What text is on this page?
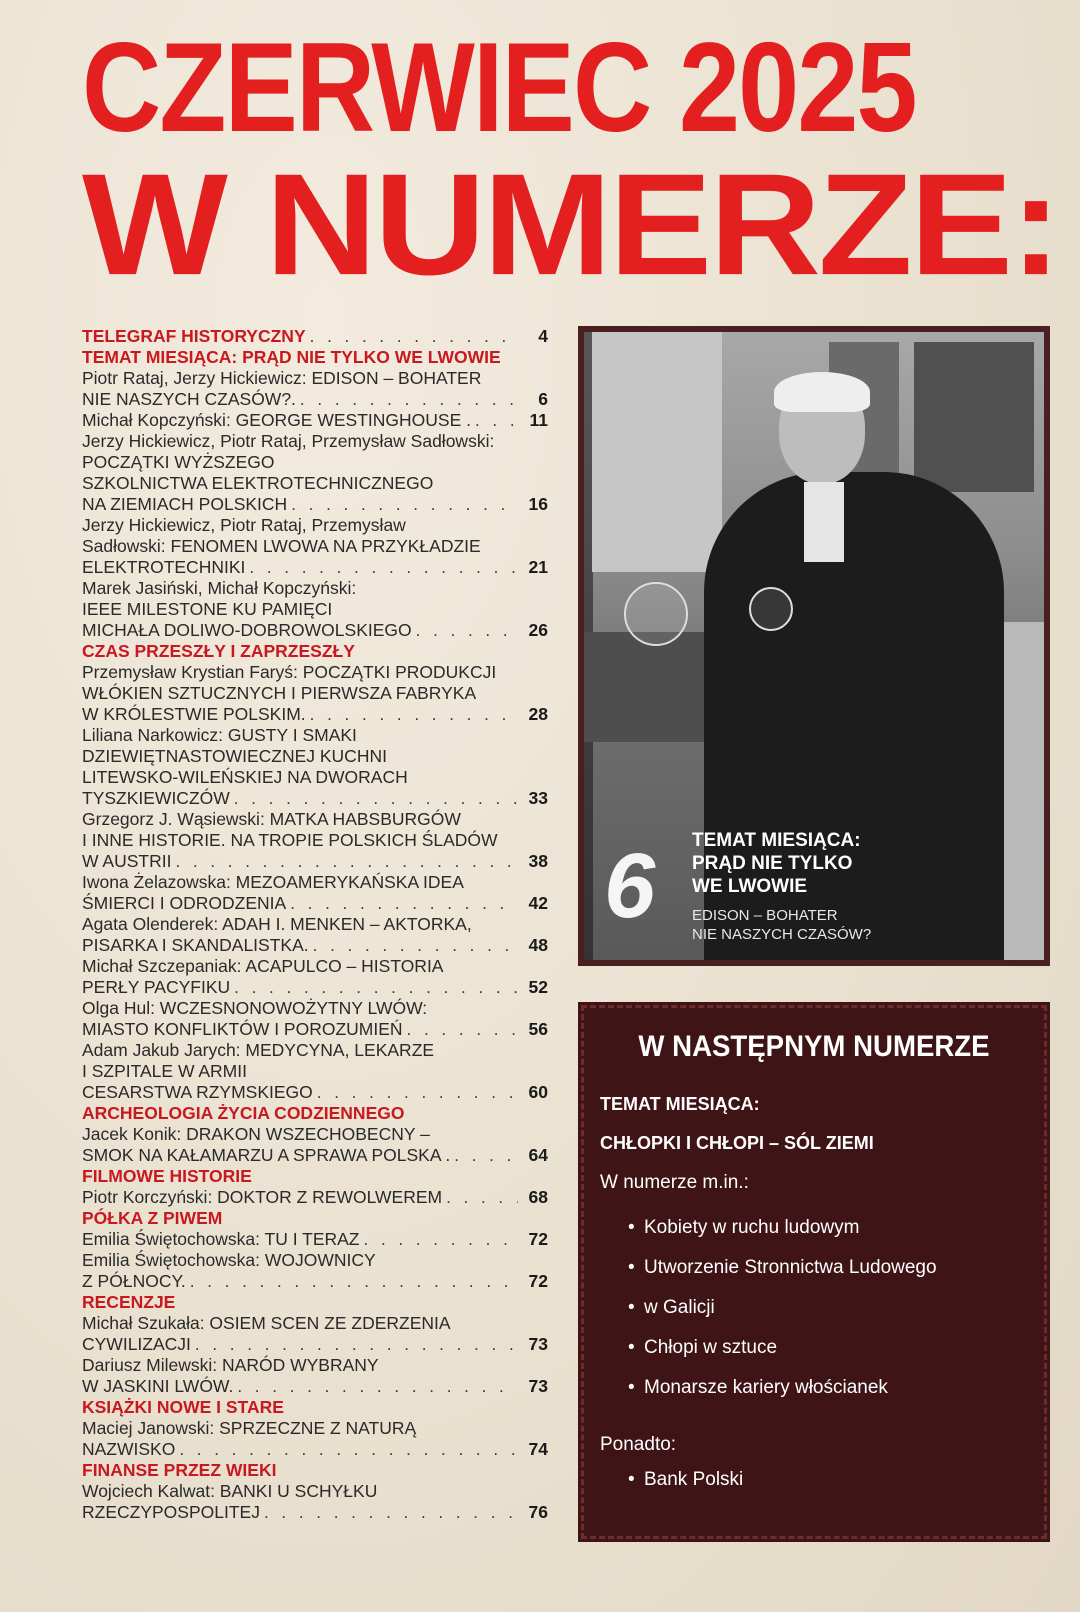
CZERWIEC 2025
W NUMERZE:
TELEGRAF HISTORYCZNY . . .	4
TEMAT MIESIĄCA: PRĄD NIE TYLKO WE LWOWIE
Piotr Rataj, Jerzy Hickiewicz: EDISON – BOHATER
NIE NASZYCH CZASÓW?. . . .	6
Michał Kopczyński: GEORGE WESTINGHOUSE . . . .	11
Jerzy Hickiewicz, Piotr Rataj, Przemysław Sadłowski:
POCZĄTKI WYŻSZEGO
SZKOLNICTWA ELEKTROTECHNICZNEGO
NA ZIEMIACH POLSKICH . . .	16
Jerzy Hickiewicz, Piotr Rataj, Przemysław
Sadłowski: FENOMEN LWOWA NA PRZYKŁADZIE
ELEKTROTECHNIKI . . .	21
Marek Jasiński, Michał Kopczyński:
IEEE MILESTONE KU PAMIĘCI
MICHAŁA DOLIWO-DOBROWOLSKIEGO . . .	26
CZAS PRZESZŁY I ZAPRZESZŁY
Przemysław Krystian Faryś: POCZĄTKI PRODUKCJI
WŁÓKIEN SZTUCZNYCH I PIERWSZA FABRYKA
W KRÓLESTWIE POLSKIM. . . .	28
Liliana Narkowicz: GUSTY I SMAKI
DZIEWIĘTNASTOWIECZNEJ KUCHNI
LITEWSKO-WILEŃSKIEJ NA DWORACH
TYSZKIEWICZÓW . . .	33
Grzegorz J. Wąsiewski: MATKA HABSBURGÓW
I INNE HISTORIE. NA TROPIE POLSKICH ŚLADÓW
W AUSTRII . . .	38
Iwona Żelazowska: MEZOAMERYKAŃSKA IDEA
ŚMIERCI I ODRODZENIA . . .	42
Agata Olenderek: ADAH I. MENKEN – AKTORKA,
PISARKA I SKANDALISTKA. . . .	48
Michał Szczepaniak: ACAPULCO – HISTORIA
PERŁY PACYFIKU . . .	52
Olga Hul: WCZESNONOWOŻYTNY LWÓW:
MIASTO KONFLIKTÓW I POROZUMIEŃ . . .	56
Adam Jakub Jarych: MEDYCYNA, LEKARZE
I SZPITALE W ARMII
CESARSTWA RZYMSKIEGO . . .	60
ARCHEOLOGIA ŻYCIA CODZIENNEGO
Jacek Konik: DRAKON WSZECHOBECNY –
SMOK NA KAŁAMARZU A SPRAWA POLSKA . . . .	64
FILMOWE HISTORIE
Piotr Korczyński: DOKTOR Z REWOLWEREM . . .	68
PÓŁKA Z PIWEM
Emilia Świętochowska: TU I TERAZ . . .	72
Emilia Świętochowska: WOJOWNICY
Z PÓŁNOCY. . . .	72
RECENZJE
Michał Szukała: OSIEM SCEN ZE ZDERZENIA
CYWILIZACJI . . .	73
Dariusz Milewski: NARÓD WYBRANY
W JASKINI LWÓW. . . .	73
KSIĄŻKI NOWE I STARE
Maciej Janowski: SPRZECZNE Z NATURĄ
NAZWISKO . . .	74
FINANSE PRZEZ WIEKI
Wojciech Kalwat: BANKI U SCHYŁKU
RZECZYPOSPOLITEJ . . .	76
6 TEMAT MIESIĄCA:
PRĄD NIE TYLKO
WE LWOWIE
EDISON – BOHATER
NIE NASZYCH CZASÓW?
W NASTĘPNYM NUMERZE
TEMAT MIESIĄCA:
CHŁOPKI I CHŁOPI – SÓL ZIEMI
W numerze m.in.:
• Kobiety w ruchu ludowym
• Utworzenie Stronnictwa Ludowego
• w Galicji
• Chłopi w sztuce
• Monarsze kariery włościanek
Ponadto:
• Bank Polski
